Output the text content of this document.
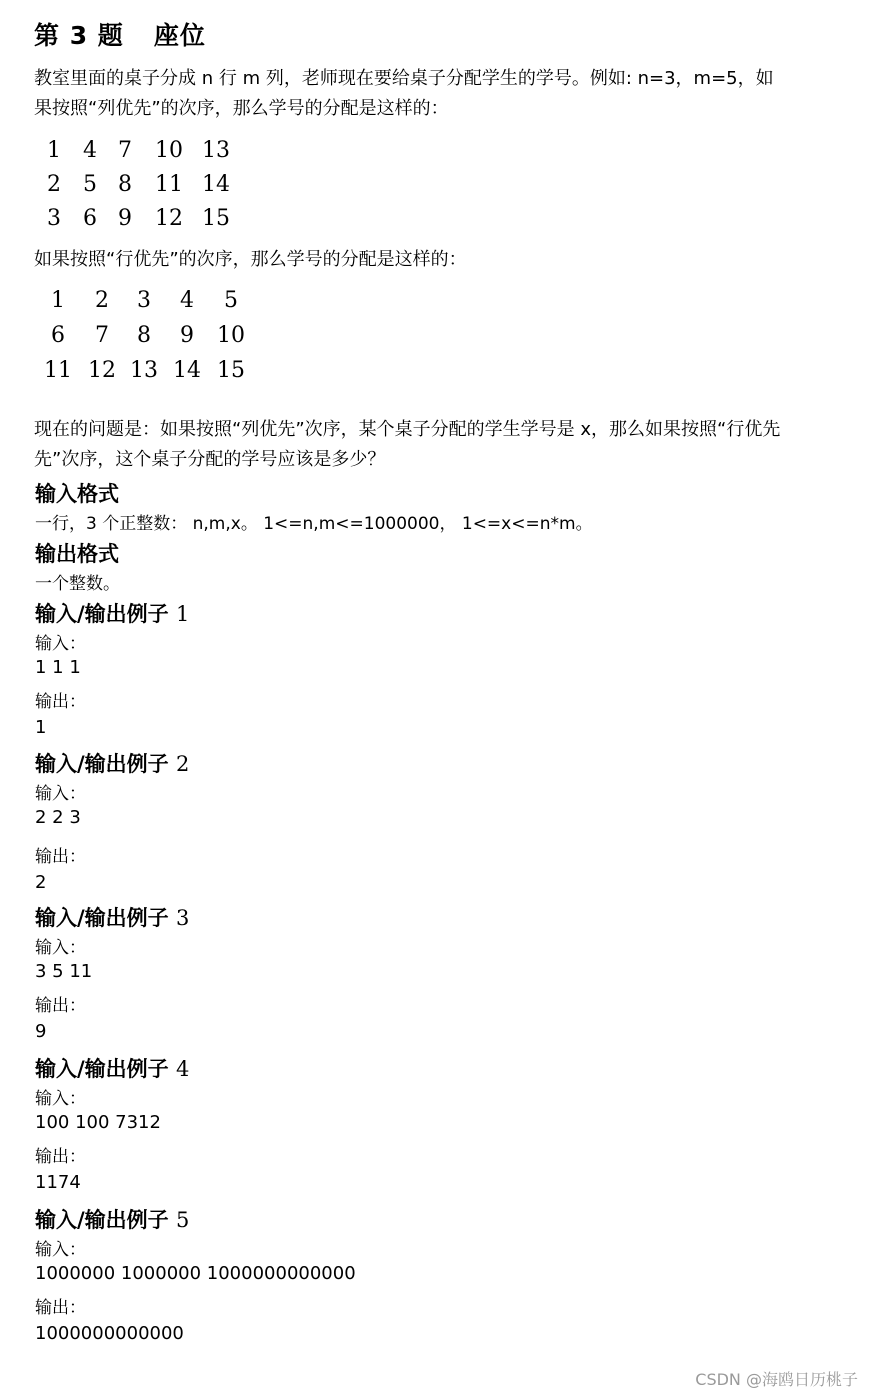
第 3 题 座位
教室里面的桌子分成 n 行 m 列，老师现在要给桌子分配学生的学号。例如: n=3，m=5，如
果按照“列优先”的次序，那么学号的分配是这样的：
1	4 7	10 13
2	5 8	11 14
3	6 9	12 15
如果按照“行优先”的次序，那么学号的分配是这样的：
1	2	3	4	5
6	7	8	9	10
11 12 13 14 15
现在的问题是：如果按照“列优先”次序，某个桌子分配的学生学号是 x，那么如果按照“行优先
先”次序，这个桌子分配的学号应该是多少？
输入格式
一行，3 个正整数： n,m,x。 1<=n,m<=1000000， 1<=x<=n*m。
输出格式
一个整数。
输入/输出例子 1
输入：
1 1 1
输出：
1
输入/输出例子 2
输入：
2 2 3
输出：
2
输入/输出例子 3
输入：
3 5 11
输出：
9
输入/输出例子 4
输入：
100 100 7312
输出：
1174
输入/输出例子 5
输入：
1000000 1000000 1000000000000
输出：
1000000000000
CSDN @海鸥日历桃子
